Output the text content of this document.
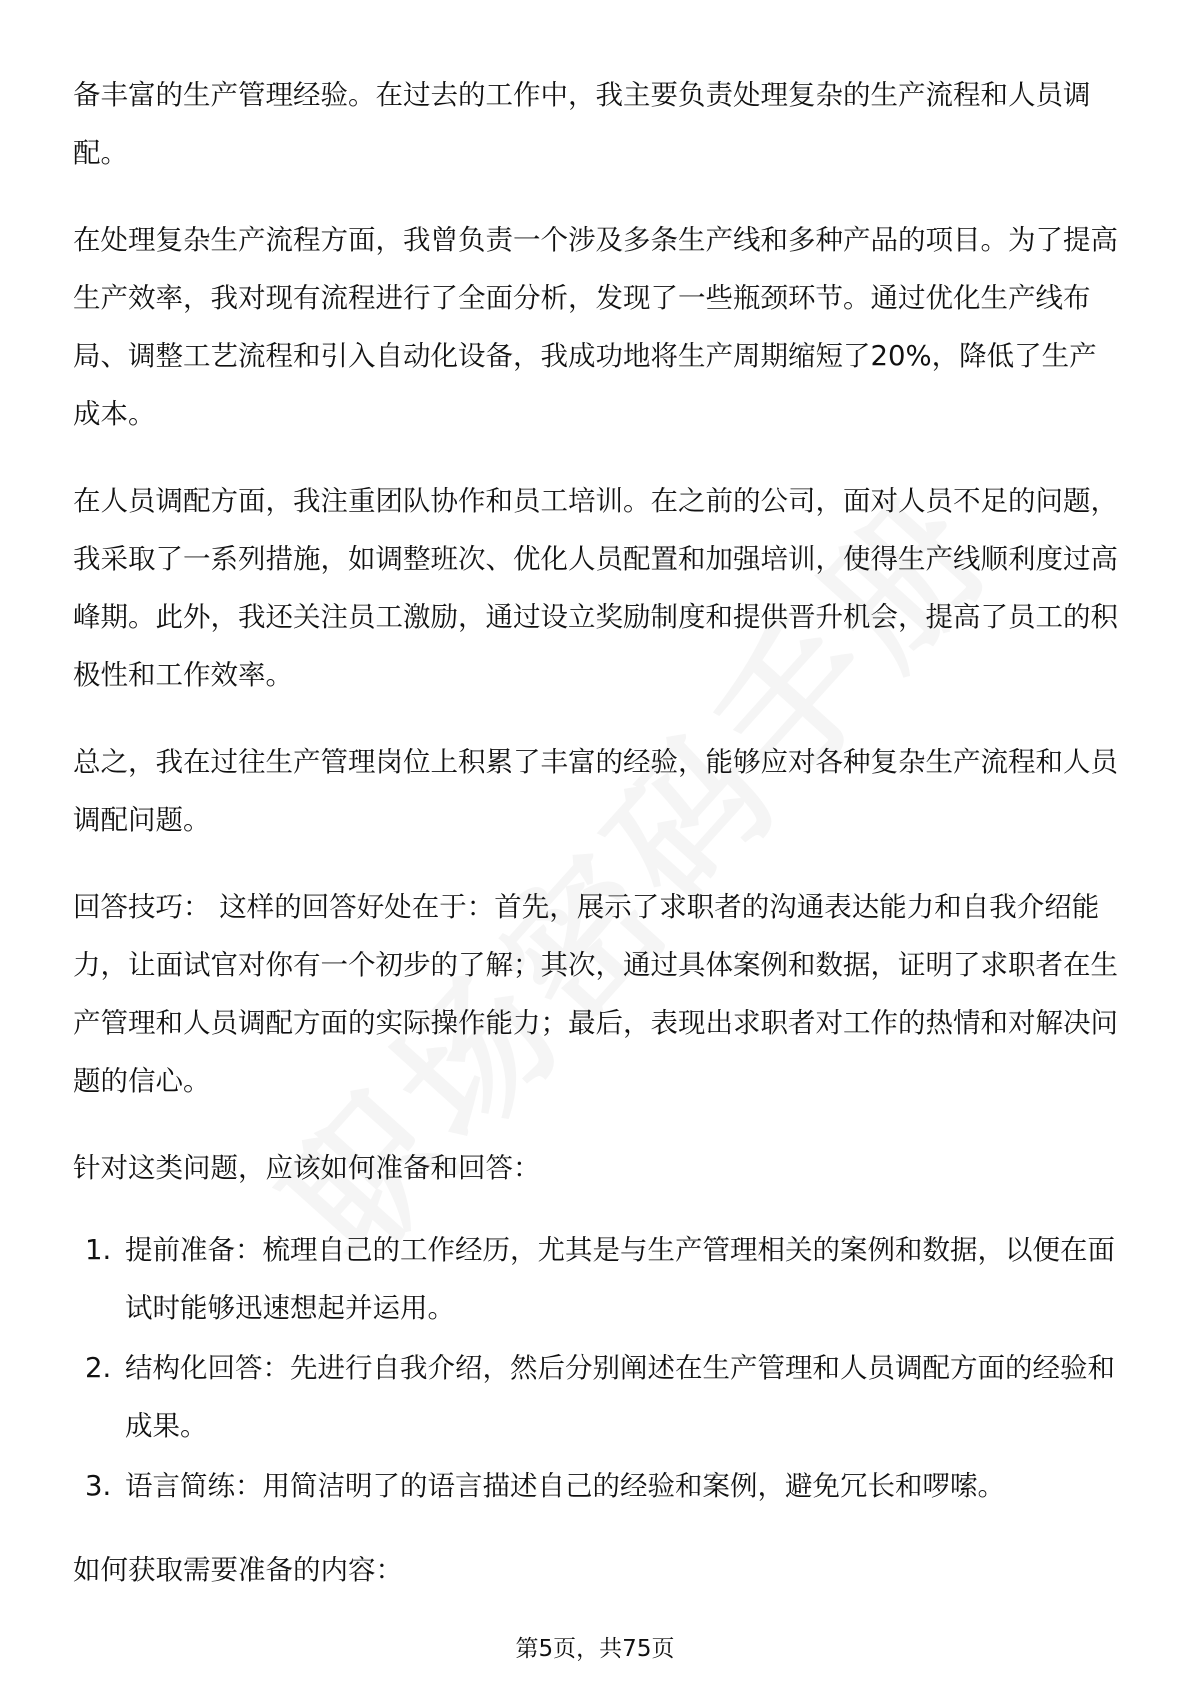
备丰富的生产管理经验。在过去的工作中，我主要负责处理复杂的生产流程和人员调配。

在处理复杂生产流程方面，我曾负责一个涉及多条生产线和多种产品的项目。为了提高生产效率，我对现有流程进行了全面分析，发现了一些瓶颈环节。通过优化生产线布局、调整工艺流程和引入自动化设备，我成功地将生产周期缩短了20%，降低了生产成本。

在人员调配方面，我注重团队协作和员工培训。在之前的公司，面对人员不足的问题，我采取了一系列措施，如调整班次、优化人员配置和加强培训，使得生产线顺利度过高峰期。此外，我还关注员工激励，通过设立奖励制度和提供晋升机会，提高了员工的积极性和工作效率。

总之，我在过往生产管理岗位上积累了丰富的经验，能够应对各种复杂生产流程和人员调配问题。

回答技巧： 这样的回答好处在于：首先，展示了求职者的沟通表达能力和自我介绍能力，让面试官对你有一个初步的了解；其次，通过具体案例和数据，证明了求职者在生产管理和人员调配方面的实际操作能力；最后，表现出求职者对工作的热情和对解决问题的信心。

针对这类问题，应该如何准备和回答：

1. 提前准备：梳理自己的工作经历，尤其是与生产管理相关的案例和数据，以便在面试时能够迅速想起并运用。
2. 结构化回答：先进行自我介绍，然后分别阐述在生产管理和人员调配方面的经验和成果。
3. 语言简练：用简洁明了的语言描述自己的经验和案例，避免冗长和啰嗦。

如何获取需要准备的内容：

第5页，共75页
